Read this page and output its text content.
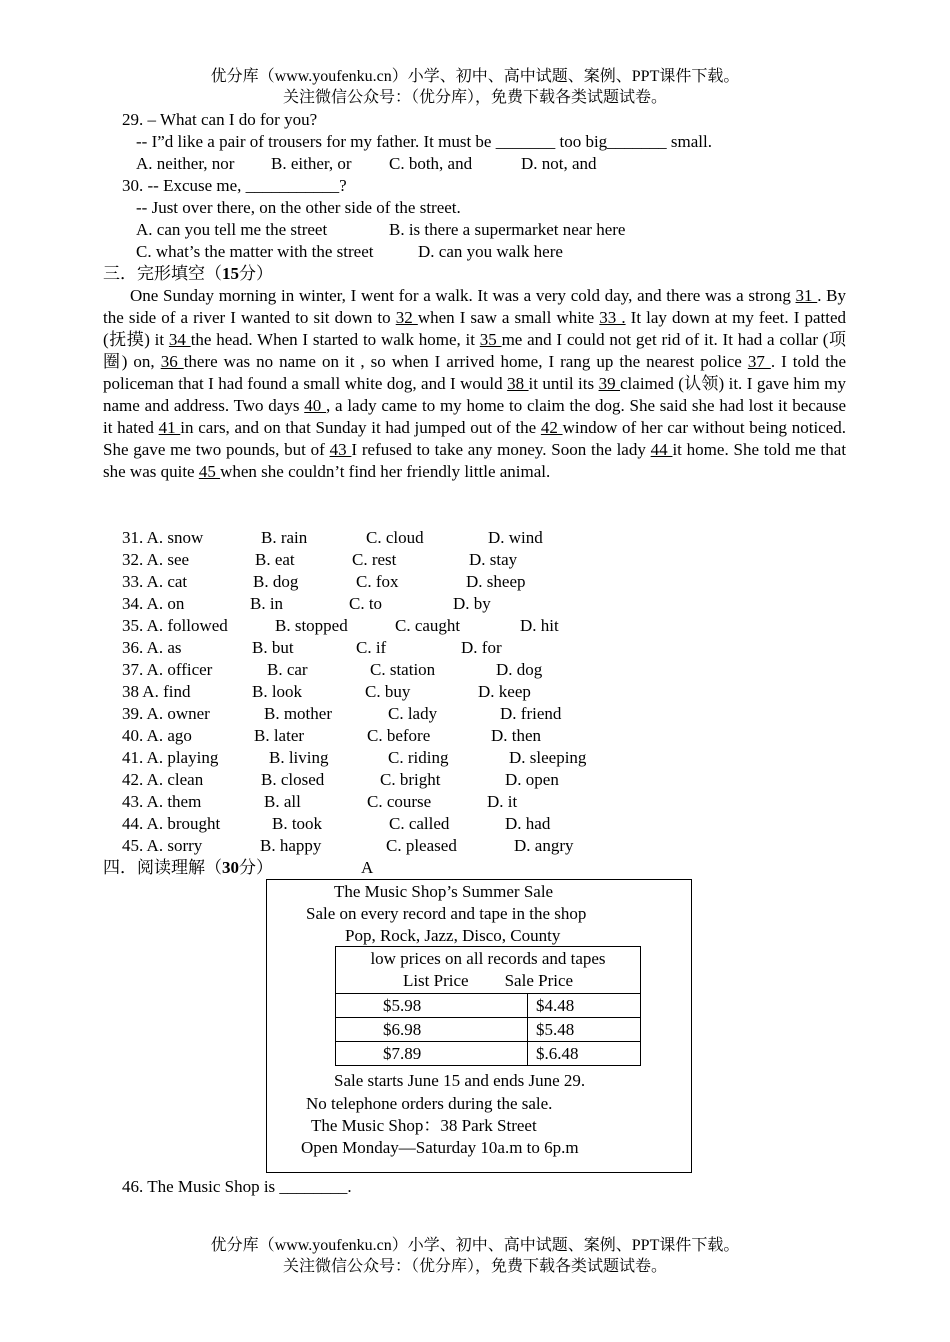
优分库（www.youfenku.cn）小学、初中、高中试题、案例、PPT课件下载。
关注微信公众号：（优分库），免费下载各类试题试卷。
29. – What can I do for you?
-- I”d like a pair of trousers for my father. It must be _______ too big_______ small.
A. neither, nor B. either, or C. both, and	D. not, and
30. -- Excuse me, ___________?
-- Just over there, on the other side of the street.
A. can you tell me the street	B. is there a supermarket near here
C. what’s the matter with the street	D. can you walk here
三．完形填空（15分）

One Sunday morning in winter, I went for a walk. It was a very cold day, and there was a strong 31 . By the side of a river I wanted to sit down to 32 when I saw a small white 33 . It lay down at my feet. I patted (抚摸) it 34 the head. When I started to walk home, it 35 me and I could not get rid of it. It had a collar (项圈) on, 36 there was no name on it , so when I arrived home, I rang up the nearest police 37 . I told the policeman that I had found a small white dog, and I would 38 it until its 39 claimed (认领) it. I gave him my name and address. Two days 40 , a lady came to my home to claim the dog. She said she had lost it because it hated 41 in cars, and on that Sunday it had jumped out of the 42 window of her car without being noticed. She gave me two pounds, but of 43 I refused to take any money. Soon the lady 44 it home. She told me that she was quite 45 when she couldn’t find her friendly little animal.

31. A. snow	B. rain	C. cloud	D. wind
32. A. see	B. eat	C. rest	D. stay
33. A. cat	B. dog	C. fox	D. sheep
34. A. on	B. in	C. to	D. by
35. A. followed	B. stopped	C. caught	D. hit
36. A. as	B. but	C. if	D. for
37. A. officer	B. car	C. station	D. dog
38 A. find	B. look	C. buy	D. keep
39. A. owner	B. mother	C. lady	D. friend
40. A. ago	B. later	C. before	D. then
41. A. playing	B. living	C. riding	D. sleeping
42. A. clean	B. closed	C. bright	D. open
43. A. them	B. all	C. course	D. it
44. A. brought	B. took	C. called	D. had
45. A. sorry	B. happy	C. pleased	D. angry
四．阅读理解（30分）	A
The Music Shop’s Summer Sale
Sale on every record and tape in the shop
Pop, Rock, Jazz, Disco, County
Sale starts June 15 and ends June 29.
No telephone orders during the sale.
The Music Shop：38 Park Street
Open Monday—Saturday 10a.m to 6p.m
low prices on all records and tapes
List Price Sale Price	

$5.98	$4.48
$6.98	$5.48
$7.89	$.6.48
46. The Music Shop is ________.
优分库（www.youfenku.cn）小学、初中、高中试题、案例、PPT课件下载。
关注微信公众号：（优分库），免费下载各类试题试卷。
